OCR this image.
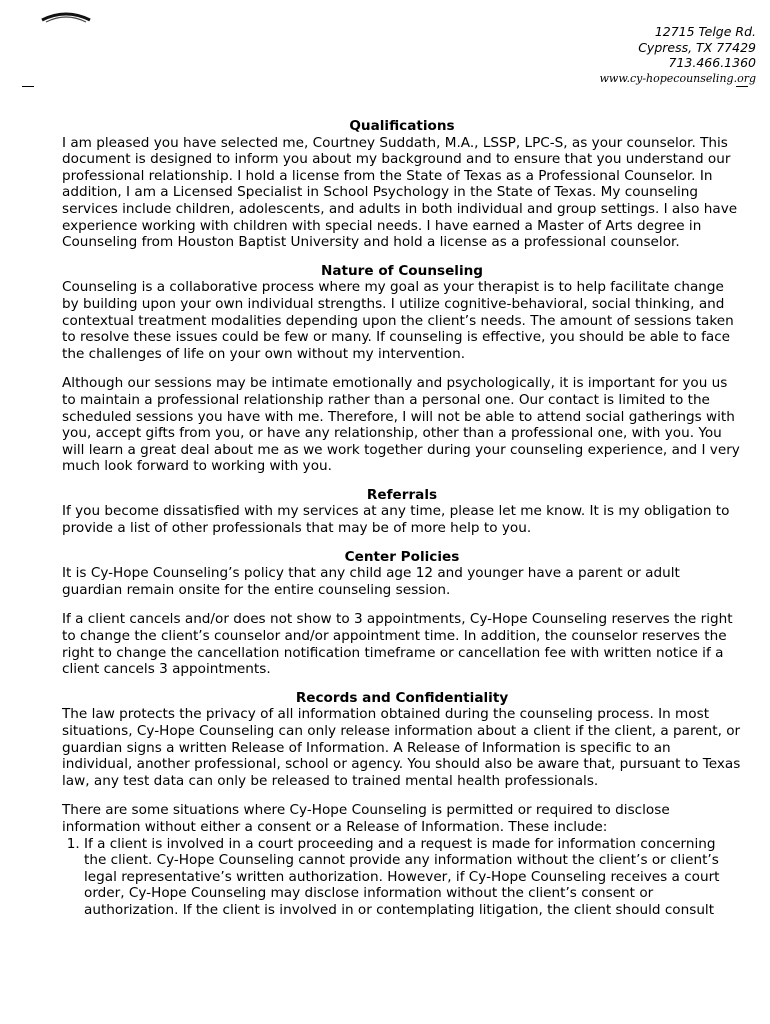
12715 Telge Rd.
Cypress, TX 77429
713.466.1360
www.cy-hopecounseling.org
Qualifications

I am pleased you have selected me, Courtney Suddath, M.A., LSSP, LPC-S, as your counselor. This document is designed to inform you about my background and to ensure that you understand our professional relationship. I hold a license from the State of Texas as a Professional Counselor. In addition, I am a Licensed Specialist in School Psychology in the State of Texas. My counseling services include children, adolescents, and adults in both individual and group settings. I also have experience working with children with special needs. I have earned a Master of Arts degree in Counseling from Houston Baptist University and hold a license as a professional counselor.

Nature of Counseling

Counseling is a collaborative process where my goal as your therapist is to help facilitate change by building upon your own individual strengths. I utilize cognitive-behavioral, social thinking, and contextual treatment modalities depending upon the client’s needs. The amount of sessions taken to resolve these issues could be few or many. If counseling is effective, you should be able to face the challenges of life on your own without my intervention.

Although our sessions may be intimate emotionally and psychologically, it is important for you us to maintain a professional relationship rather than a personal one. Our contact is limited to the scheduled sessions you have with me. Therefore, I will not be able to attend social gatherings with you, accept gifts from you, or have any relationship, other than a professional one, with you. You will learn a great deal about me as we work together during your counseling experience, and I very much look forward to working with you.

Referrals

If you become dissatisfied with my services at any time, please let me know. It is my obligation to provide a list of other professionals that may be of more help to you.

Center Policies

It is Cy-Hope Counseling’s policy that any child age 12 and younger have a parent or adult guardian remain onsite for the entire counseling session.

If a client cancels and/or does not show to 3 appointments, Cy-Hope Counseling reserves the right to change the client’s counselor and/or appointment time. In addition, the counselor reserves the right to change the cancellation notification timeframe or cancellation fee with written notice if a client cancels 3 appointments.

Records and Confidentiality

The law protects the privacy of all information obtained during the counseling process. In most situations, Cy-Hope Counseling can only release information about a client if the client, a parent, or guardian signs a written Release of Information. A Release of Information is specific to an individual, another professional, school or agency. You should also be aware that, pursuant to Texas law, any test data can only be released to trained mental health professionals.

There are some situations where Cy-Hope Counseling is permitted or required to disclose information without either a consent or a Release of Information. These include:

1. If a client is involved in a court proceeding and a request is made for information concerning the client. Cy-Hope Counseling cannot provide any information without the client’s or client’s legal representative’s written authorization. However, if Cy-Hope Counseling receives a court order, Cy-Hope Counseling may disclose information without the client’s consent or authorization. If the client is involved in or contemplating litigation, the client should consult
